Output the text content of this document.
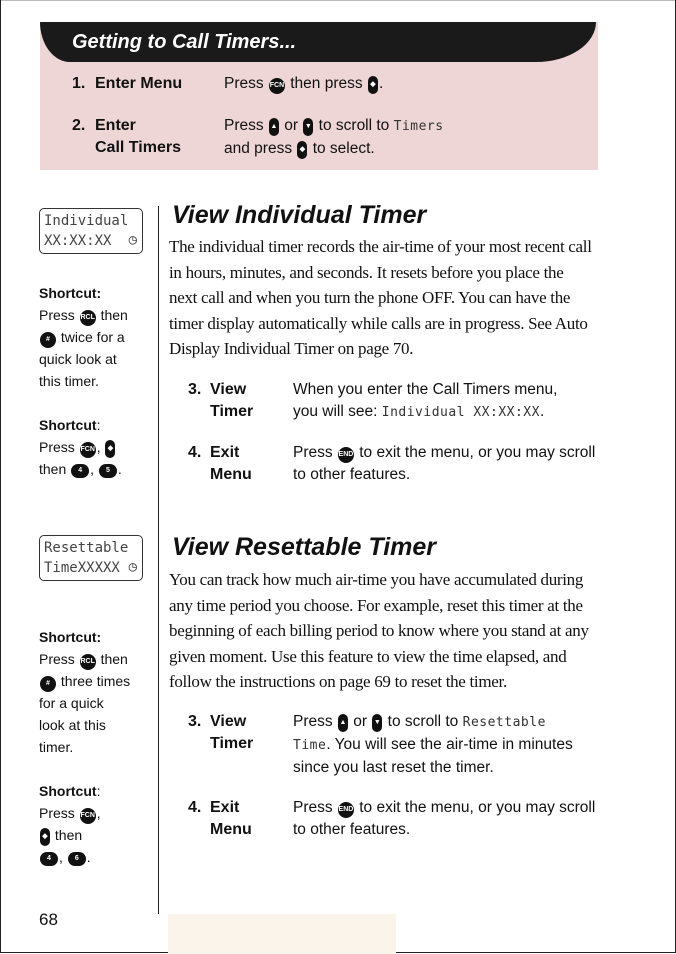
Getting to Call Timers...
1. Enter Menu	Press FCN then press ◆ .
2. Enter
Call Timers
Press ▲ or ▼ to scroll to Timers
and press ◆ to select.
Individual
XX:XX:XX	◷
Shortcut:
Press RCL then
# twice for a
quick look at
this timer.
Shortcut:
Press FCN , ◆
then 4 , 5 .
View Individual Timer
The individual timer records the air-time of your most recent call in hours, minutes, and seconds. It resets before you place the next call and when you turn the phone OFF. You can have the timer display automatically while calls are in progress. See Auto Display Individual Timer on page 70.
3. View
Timer
When you enter the Call Timers menu,
you will see: Individual XX:XX:XX.
4. Exit
Menu
Press END to exit the menu, or you may scroll
to other features.
Resettable
TimeXXXXX ◷
Shortcut:
Press RCL then
# three times
for a quick
look at this
timer.
Shortcut:
Press FCN ,
◆ then
4 , 6 .
View Resettable Timer
You can track how much air-time you have accumulated during any time period you choose. For example, reset this timer at the beginning of each billing period to know where you stand at any given moment. Use this feature to view the time elapsed, and follow the instructions on page 69 to reset the timer.
3. View
Timer
Press ▲ or ▼ to scroll to Resettable
Time. You will see the air-time in minutes
since you last reset the timer.
4. Exit
Menu
Press END to exit the menu, or you may scroll
to other features.
68
